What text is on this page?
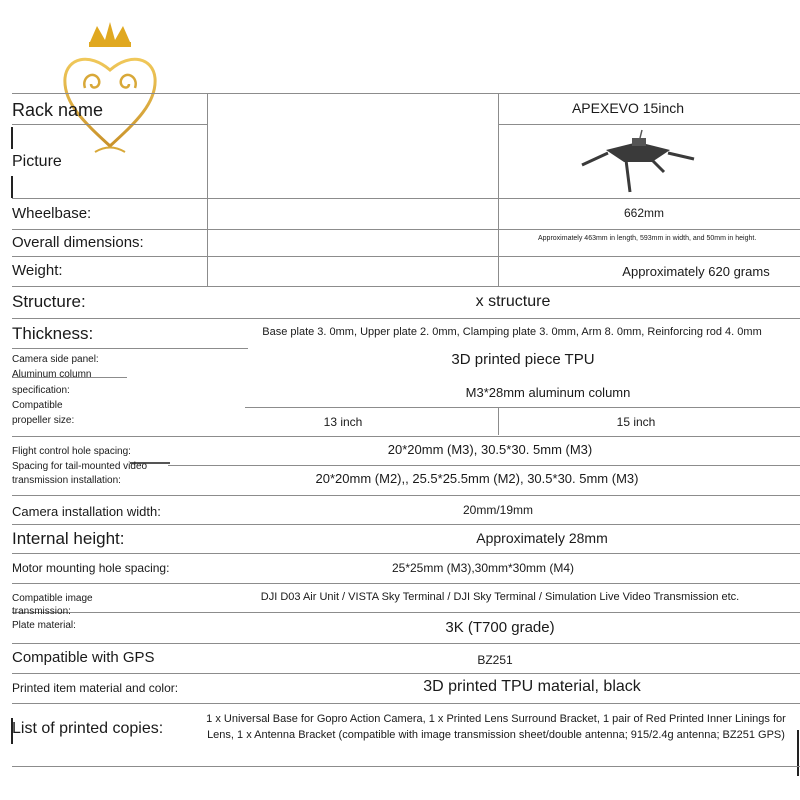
Rack name	APEXEVO 15inch
Picture
Wheelbase:	662mm
Overall dimensions:	Approximately 463mm in length, 593mm in width, and 50mm in height.
Weight:	Approximately 620 grams
Structure:	x structure
Thickness:	Base plate 3. 0mm, Upper plate 2. 0mm, Clamping plate 3. 0mm, Arm 8. 0mm, Reinforcing rod 4. 0mm
Camera side panel:	3D printed piece TPU
Aluminum column
specification:	M3*28mm aluminum column
Compatible
propeller size:	13 inch	15 inch
Flight control hole spacing:	20*20mm (M3), 30.5*30. 5mm (M3)
Spacing for tail-mounted video
transmission installation:	20*20mm (M2),, 25.5*25.5mm (M2), 30.5*30. 5mm (M3)
Camera installation width:	20mm/19mm
Internal height:	Approximately 28mm
Motor mounting hole spacing:	25*25mm (M3),30mm*30mm (M4)
Compatible image
transmission:
DJI D03 Air Unit / VISTA Sky Terminal / DJI Sky Terminal / Simulation Live Video Transmission etc.
Plate material:	3K (T700 grade)
Compatible with GPS	BZ251
Printed item material and color:	3D printed TPU material, black
List of printed copies:
1 x Universal Base for Gopro Action Camera, 1 x Printed Lens Surround Bracket, 1 pair of Red Printed Inner Linings for Lens, 1 x Antenna Bracket (compatible with image transmission sheet/double antenna; 915/2.4g antenna; BZ251 GPS)
